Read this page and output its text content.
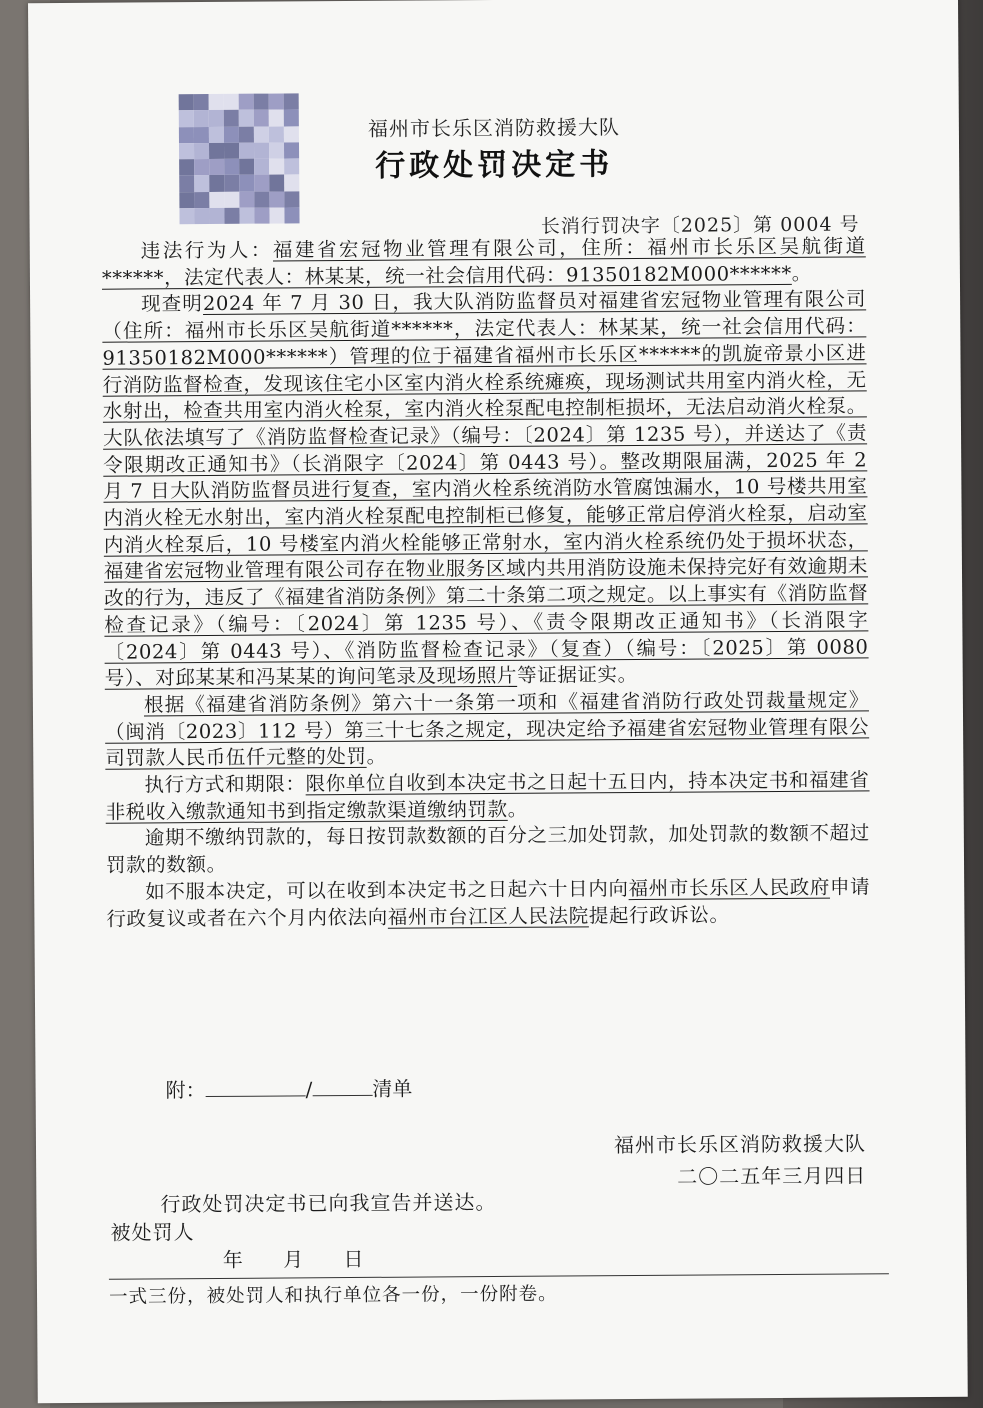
福州市长乐区消防救援大队
行政处罚决定书
长消行罚决字〔2025〕第 0004 号

违法行为人：福建省宏冠物业管理有限公司，住所：福州市长乐区吴航街道******，法定代表人：林某某，统一社会信用代码：91350182M000******。

现查明2024 年 7 月 30 日，我大队消防监督员对福建省宏冠物业管理有限公司（住所：福州市长乐区吴航街道******，法定代表人：林某某，统一社会信用代码：91350182M000******）管理的位于福建省福州市长乐区******的凯旋帝景小区进行消防监督检查，发现该住宅小区室内消火栓系统瘫痪，现场测试共用室内消火栓，无水射出，检查共用室内消火栓泵，室内消火栓泵配电控制柜损坏，无法启动消火栓泵。大队依法填写了《消防监督检查记录》（编号：〔2024〕第 1235 号），并送达了《责令限期改正通知书》（长消限字〔2024〕第 0443 号）。整改期限届满，2025 年 2 月 7 日大队消防监督员进行复查，室内消火栓系统消防水管腐蚀漏水，10 号楼共用室内消火栓无水射出，室内消火栓泵配电控制柜已修复，能够正常启停消火栓泵，启动室内消火栓泵后，10 号楼室内消火栓能够正常射水，室内消火栓系统仍处于损坏状态，福建省宏冠物业管理有限公司存在物业服务区域内共用消防设施未保持完好有效逾期未改的行为，违反了《福建省消防条例》第二十条第二项之规定。以上事实有《消防监督检查记录》（编号：〔2024〕第 1235 号）、《责令限期改正通知书》（长消限字〔2024〕第 0443 号）、《消防监督检查记录》（复查）（编号：〔2025〕第 0080 号）、对邱某某和冯某某的询问笔录及现场照片等证据证实。

根据《福建省消防条例》第六十一条第一项和《福建省消防行政处罚裁量规定》（闽消〔2023〕112 号）第三十七条之规定，现决定给予福建省宏冠物业管理有限公司罚款人民币伍仟元整的处罚。

执行方式和期限：限你单位自收到本决定书之日起十五日内，持本决定书和福建省非税收入缴款通知书到指定缴款渠道缴纳罚款。

逾期不缴纳罚款的，每日按罚款数额的百分之三加处罚款，加处罚款的数额不超过罚款的数额。

如不服本决定，可以在收到本决定书之日起六十日内向福州市长乐区人民政府申请行政复议或者在六个月内依法向福州市台江区人民法院提起行政诉讼。

附：	/	清单
福州市长乐区消防救援大队
二〇二五年三月四日
行政处罚决定书已向我宣告并送达。
被处罚人
年 月 日
一式三份，被处罚人和执行单位各一份，一份附卷。
